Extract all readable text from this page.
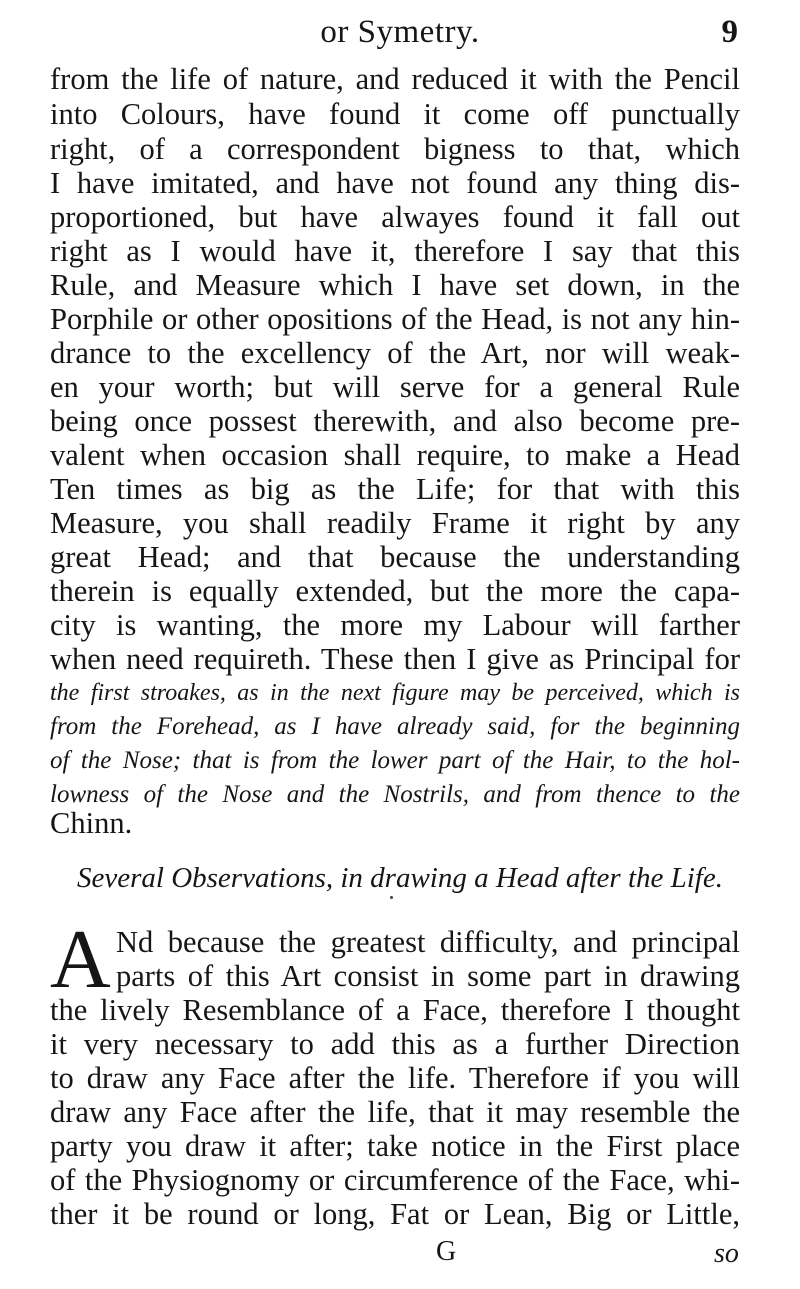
or Symetry.	9
from the life of nature, and reduced it with the Pencil
into Colours, have found it come off punctually
right, of a correspondent bigness to that, which
I have imitated, and have not found any thing dis-
proportioned, but have alwayes found it fall out
right as I would have it, therefore I say that this
Rule, and Measure which I have set down, in the
Porphile or other opositions of the Head, is not any hin-
drance to the excellency of the Art, nor will weak-
en your worth; but will serve for a general Rule
being once possest therewith, and also become pre-
valent when occasion shall require, to make a Head
Ten times as big as the Life; for that with this
Measure, you shall readily Frame it right by any
great Head; and that because the understanding
therein is equally extended, but the more the capa-
city is wanting, the more my Labour will farther
when need requireth. These then I give as Principal for
the first stroakes, as in the next figure may be perceived, which is
from the Forehead, as I have already said, for the beginning
of the Nose; that is from the lower part of the Hair, to the hol-
lowness of the Nose and the Nostrils, and from thence to the
Chinn.
Several Observations, in drawing a Head after the Life.
A Nd because the greatest difficulty, and principal
parts of this Art consist in some part in drawing
the lively Resemblance of a Face, therefore I thought
it very necessary to add this as a further Direction
to draw any Face after the life. Therefore if you will
draw any Face after the life, that it may resemble the
party you draw it after; take notice in the First place
of the Physiognomy or circumference of the Face, whi-
ther it be round or long, Fat or Lean, Big or Little,
G	so
